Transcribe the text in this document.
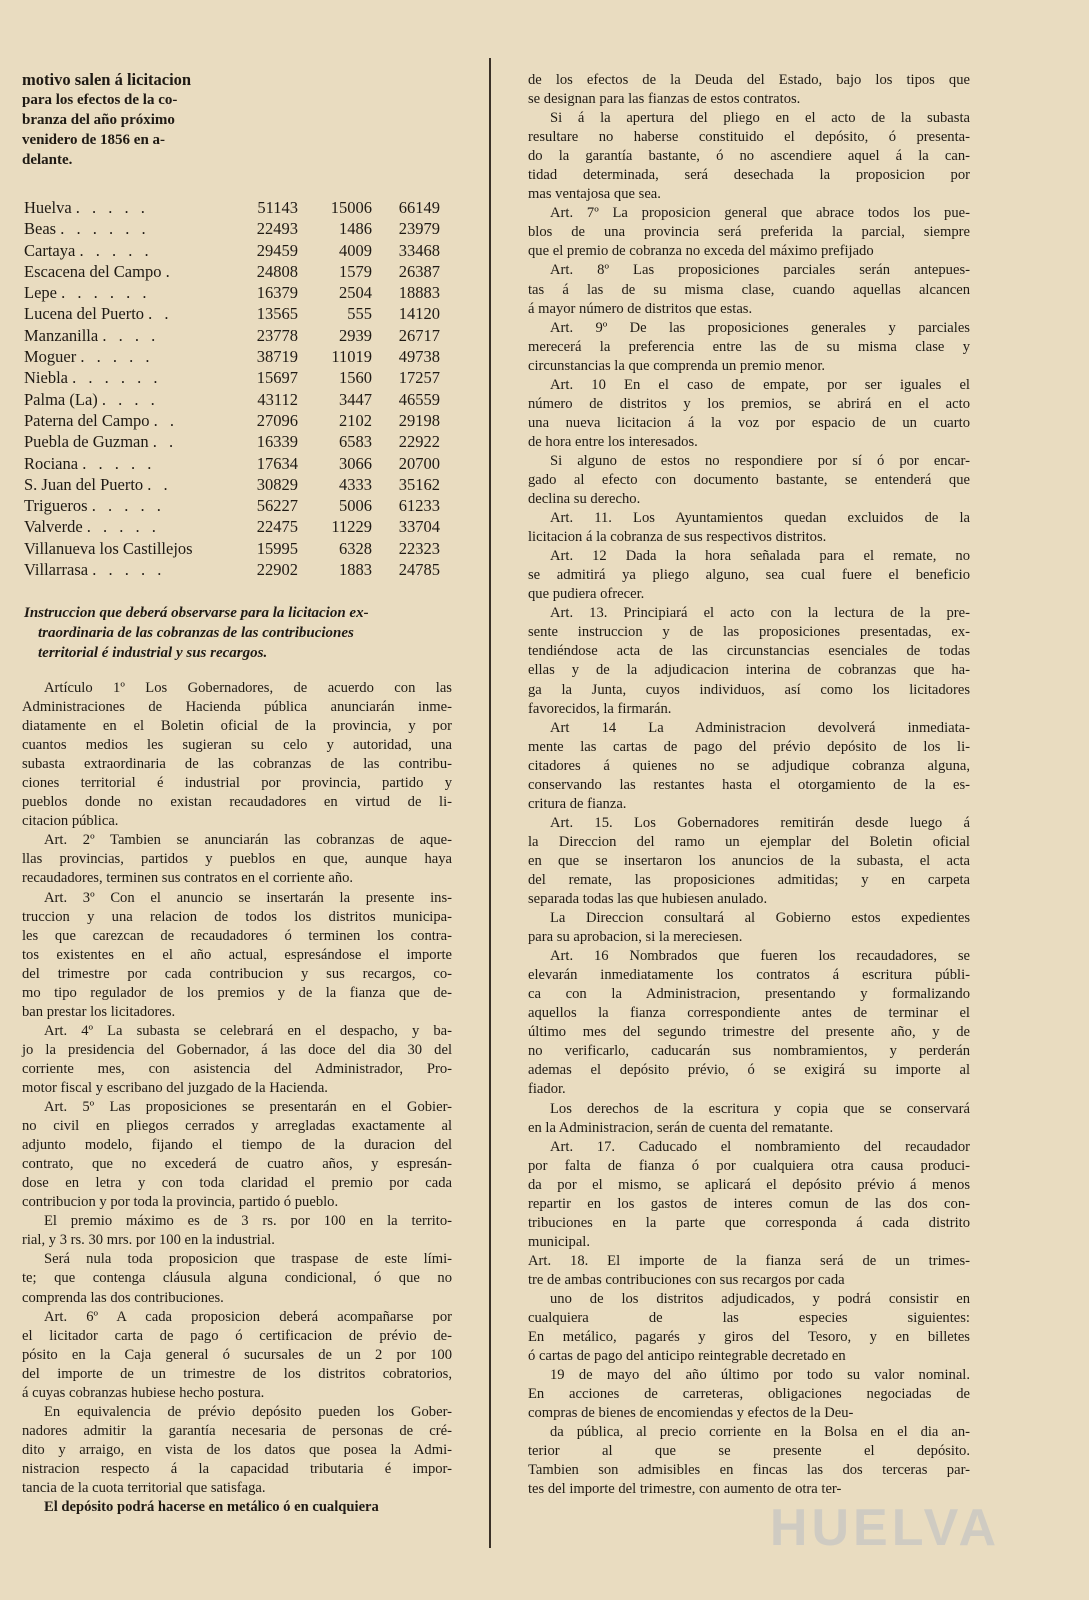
motivo salen á licitacion
para los efectos de la co-
branza del año próximo
venidero de 1856 en a-
delante.
Huelva . . . . .	51143	15006	66149
Beas . . . . . .	22493	1486	23979
Cartaya . . . . .	29459	4009	33468
Escacena del Campo .	24808	1579	26387
Lepe . . . . . .	16379	2504	18883
Lucena del Puerto . .	13565	555	14120
Manzanilla . . . .	23778	2939	26717
Moguer . . . . .	38719	11019	49738
Niebla . . . . . .	15697	1560	17257
Palma (La) . . . .	43112	3447	46559
Paterna del Campo . .	27096	2102	29198
Puebla de Guzman . .	16339	6583	22922
Rociana . . . . .	17634	3066	20700
S. Juan del Puerto . .	30829	4333	35162
Trigueros . . . . .	56227	5006	61233
Valverde . . . . .	22475	11229	33704
Villanueva los Castillejos	15995	6328	22323
Villarrasa . . . . .	22902	1883	24785
Instruccion que deberá observarse para la licitacion ex-
traordinaria de las cobranzas de las contribuciones
territorial é industrial y sus recargos.
Artículo 1º Los Gobernadores, de acuerdo con las
Administraciones de Hacienda pública anunciarán inme-
diatamente en el Boletin oficial de la provincia, y por
cuantos medios les sugieran su celo y autoridad, una
subasta extraordinaria de las cobranzas de las contribu-
ciones territorial é industrial por provincia, partido y
pueblos donde no existan recaudadores en virtud de li-
citacion pública.
Art. 2º Tambien se anunciarán las cobranzas de aque-
llas provincias, partidos y pueblos en que, aunque haya
recaudadores, terminen sus contratos en el corriente año.
Art. 3º Con el anuncio se insertarán la presente ins-
truccion y una relacion de todos los distritos municipa-
les que carezcan de recaudadores ó terminen los contra-
tos existentes en el año actual, espresándose el importe
del trimestre por cada contribucion y sus recargos, co-
mo tipo regulador de los premios y de la fianza que de-
ban prestar los licitadores.
Art. 4º La subasta se celebrará en el despacho, y ba-
jo la presidencia del Gobernador, á las doce del dia 30 del
corriente mes, con asistencia del Administrador, Pro-
motor fiscal y escribano del juzgado de la Hacienda.
Art. 5º Las proposiciones se presentarán en el Gobier-
no civil en pliegos cerrados y arregladas exactamente al
adjunto modelo, fijando el tiempo de la duracion del
contrato, que no excederá de cuatro años, y espresán-
dose en letra y con toda claridad el premio por cada
contribucion y por toda la provincia, partido ó pueblo.
El premio máximo es de 3 rs. por 100 en la territo-
rial, y 3 rs. 30 mrs. por 100 en la industrial.
Será nula toda proposicion que traspase de este lími-
te; que contenga cláusula alguna condicional, ó que no
comprenda las dos contribuciones.
Art. 6º A cada proposicion deberá acompañarse por
el licitador carta de pago ó certificacion de prévio de-
pósito en la Caja general ó sucursales de un 2 por 100
del importe de un trimestre de los distritos cobratorios,
á cuyas cobranzas hubiese hecho postura.
En equivalencia de prévio depósito pueden los Gober-
nadores admitir la garantía necesaria de personas de cré-
dito y arraigo, en vista de los datos que posea la Admi-
nistracion respecto á la capacidad tributaria é impor-
tancia de la cuota territorial que satisfaga.
El depósito podrá hacerse en metálico ó en cualquiera
de los efectos de la Deuda del Estado, bajo los tipos que
se designan para las fianzas de estos contratos.
Si á la apertura del pliego en el acto de la subasta
resultare no haberse constituido el depósito, ó presenta-
do la garantía bastante, ó no ascendiere aquel á la can-
tidad determinada, será desechada la proposicion por
mas ventajosa que sea.
Art. 7º La proposicion general que abrace todos los pue-
blos de una provincia será preferida la parcial, siempre
que el premio de cobranza no exceda del máximo prefijado
Art. 8º Las proposiciones parciales serán antepues-
tas á las de su misma clase, cuando aquellas alcancen
á mayor número de distritos que estas.
Art. 9º De las proposiciones generales y parciales
merecerá la preferencia entre las de su misma clase y
circunstancias la que comprenda un premio menor.
Art. 10 En el caso de empate, por ser iguales el
número de distritos y los premios, se abrirá en el acto
una nueva licitacion á la voz por espacio de un cuarto
de hora entre los interesados.
Si alguno de estos no respondiere por sí ó por encar-
gado al efecto con documento bastante, se entenderá que
declina su derecho.
Art. 11. Los Ayuntamientos quedan excluidos de la
licitacion á la cobranza de sus respectivos distritos.
Art. 12 Dada la hora señalada para el remate, no
se admitirá ya pliego alguno, sea cual fuere el beneficio
que pudiera ofrecer.
Art. 13. Principiará el acto con la lectura de la pre-
sente instruccion y de las proposiciones presentadas, ex-
tendiéndose acta de las circunstancias esenciales de todas
ellas y de la adjudicacion interina de cobranzas que ha-
ga la Junta, cuyos individuos, así como los licitadores
favorecidos, la firmarán.
Art 14 La Administracion devolverá inmediata-
mente las cartas de pago del prévio depósito de los li-
citadores á quienes no se adjudique cobranza alguna,
conservando las restantes hasta el otorgamiento de la es-
critura de fianza.
Art. 15. Los Gobernadores remitirán desde luego á
la Direccion del ramo un ejemplar del Boletin oficial
en que se insertaron los anuncios de la subasta, el acta
del remate, las proposiciones admitidas; y en carpeta
separada todas las que hubiesen anulado.
La Direccion consultará al Gobierno estos expedientes
para su aprobacion, si la mereciesen.
Art. 16 Nombrados que fueren los recaudadores, se
elevarán inmediatamente los contratos á escritura públi-
ca con la Administracion, presentando y formalizando
aquellos la fianza correspondiente antes de terminar el
último mes del segundo trimestre del presente año, y de
no verificarlo, caducarán sus nombramientos, y perderán
ademas el depósito prévio, ó se exigirá su importe al
fiador.
Los derechos de la escritura y copia que se conservará
en la Administracion, serán de cuenta del rematante.
Art. 17. Caducado el nombramiento del recaudador
por falta de fianza ó por cualquiera otra causa produci-
da por el mismo, se aplicará el depósito prévio á menos
repartir en los gastos de interes comun de las dos con-
tribuciones en la parte que corresponda á cada distrito
municipal.
Art. 18. El importe de la fianza será de un trimes-
tre de ambas contribuciones con sus recargos por cada
uno de los distritos adjudicados, y podrá consistir en
cualquiera de las especies siguientes:
En metálico, pagarés y giros del Tesoro, y en billetes
ó cartas de pago del anticipo reintegrable decretado en
19 de mayo del año último por todo su valor nominal.
En acciones de carreteras, obligaciones negociadas de
compras de bienes de encomiendas y efectos de la Deu-
da pública, al precio corriente en la Bolsa en el dia an-
terior al que se presente el depósito.
Tambien son admisibles en fincas las dos terceras par-
tes del importe del trimestre, con aumento de otra ter-
HUELVA
